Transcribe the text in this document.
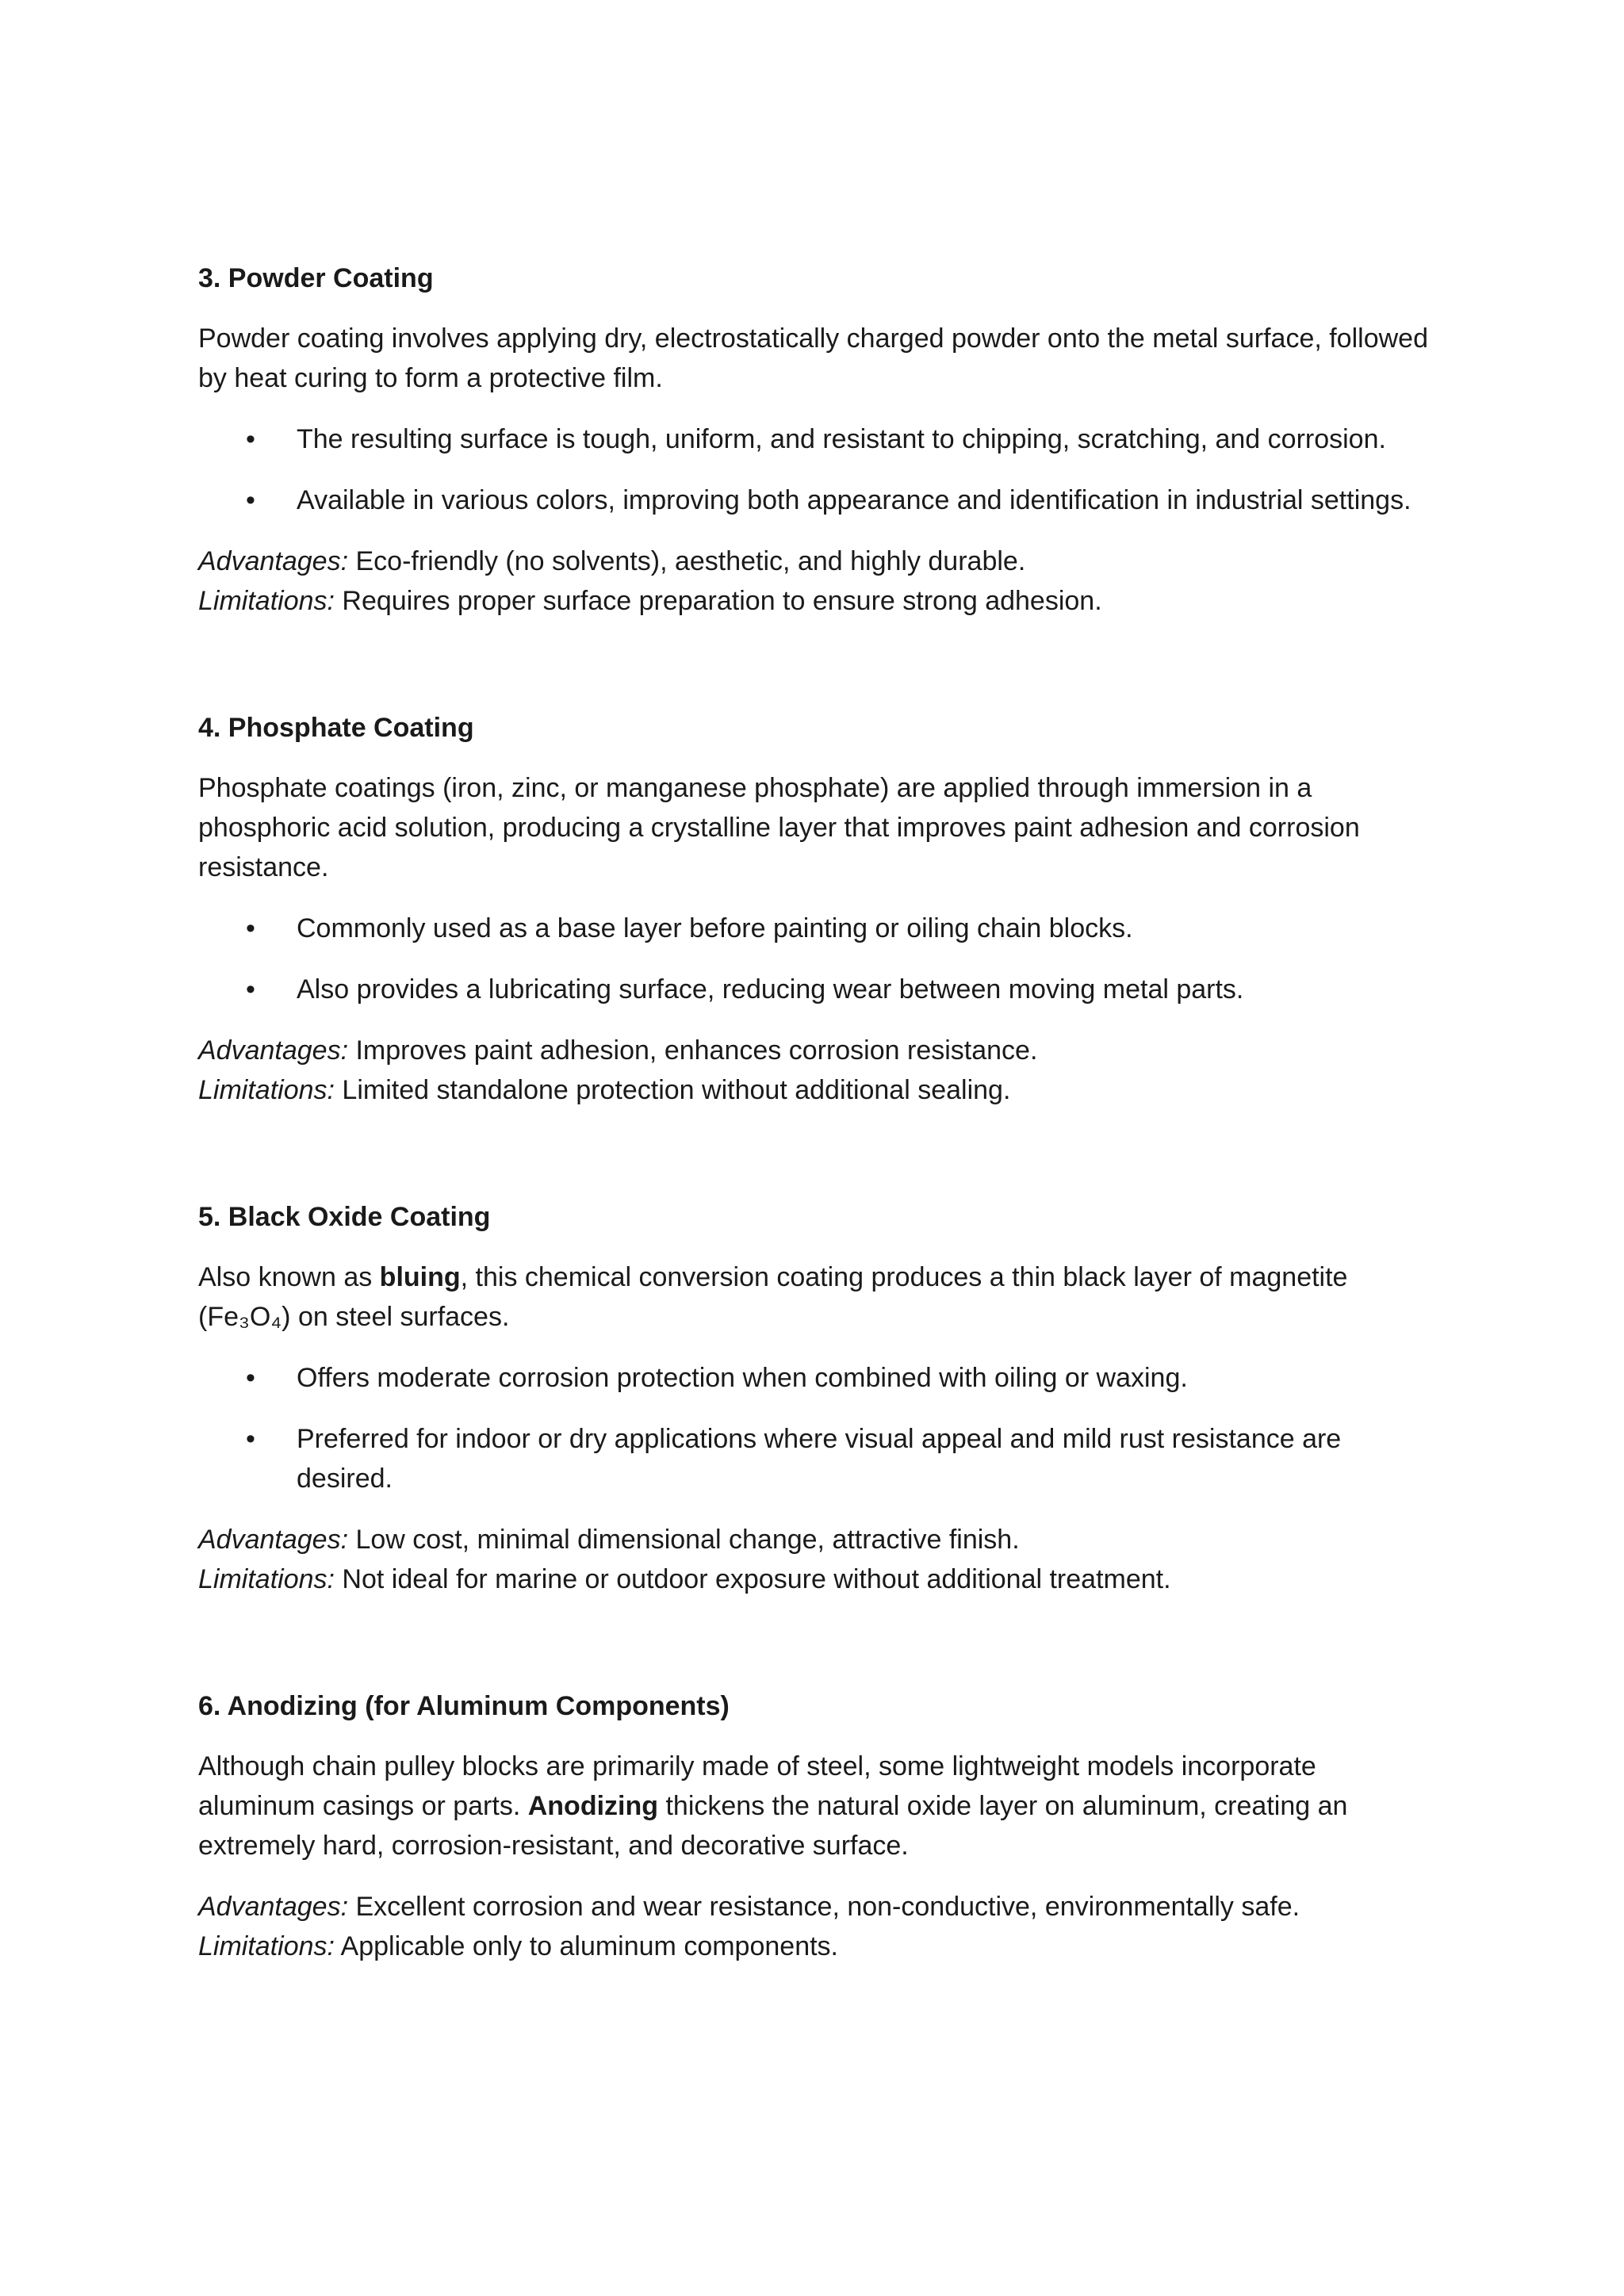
3. Powder Coating

Powder coating involves applying dry, electrostatically charged powder onto the metal surface, followed by heat curing to form a protective film.

• The resulting surface is tough, uniform, and resistant to chipping, scratching, and corrosion.
• Available in various colors, improving both appearance and identification in industrial settings.

Advantages: Eco-friendly (no solvents), aesthetic, and highly durable.
Limitations: Requires proper surface preparation to ensure strong adhesion.

4. Phosphate Coating

Phosphate coatings (iron, zinc, or manganese phosphate) are applied through immersion in a phosphoric acid solution, producing a crystalline layer that improves paint adhesion and corrosion resistance.

• Commonly used as a base layer before painting or oiling chain blocks.
• Also provides a lubricating surface, reducing wear between moving metal parts.

Advantages: Improves paint adhesion, enhances corrosion resistance.
Limitations: Limited standalone protection without additional sealing.

5. Black Oxide Coating

Also known as bluing, this chemical conversion coating produces a thin black layer of magnetite (Fe₃O₄) on steel surfaces.

• Offers moderate corrosion protection when combined with oiling or waxing.
• Preferred for indoor or dry applications where visual appeal and mild rust resistance are desired.

Advantages: Low cost, minimal dimensional change, attractive finish.
Limitations: Not ideal for marine or outdoor exposure without additional treatment.

6. Anodizing (for Aluminum Components)

Although chain pulley blocks are primarily made of steel, some lightweight models incorporate aluminum casings or parts. Anodizing thickens the natural oxide layer on aluminum, creating an extremely hard, corrosion-resistant, and decorative surface.

Advantages: Excellent corrosion and wear resistance, non-conductive, environmentally safe.
Limitations: Applicable only to aluminum components.
